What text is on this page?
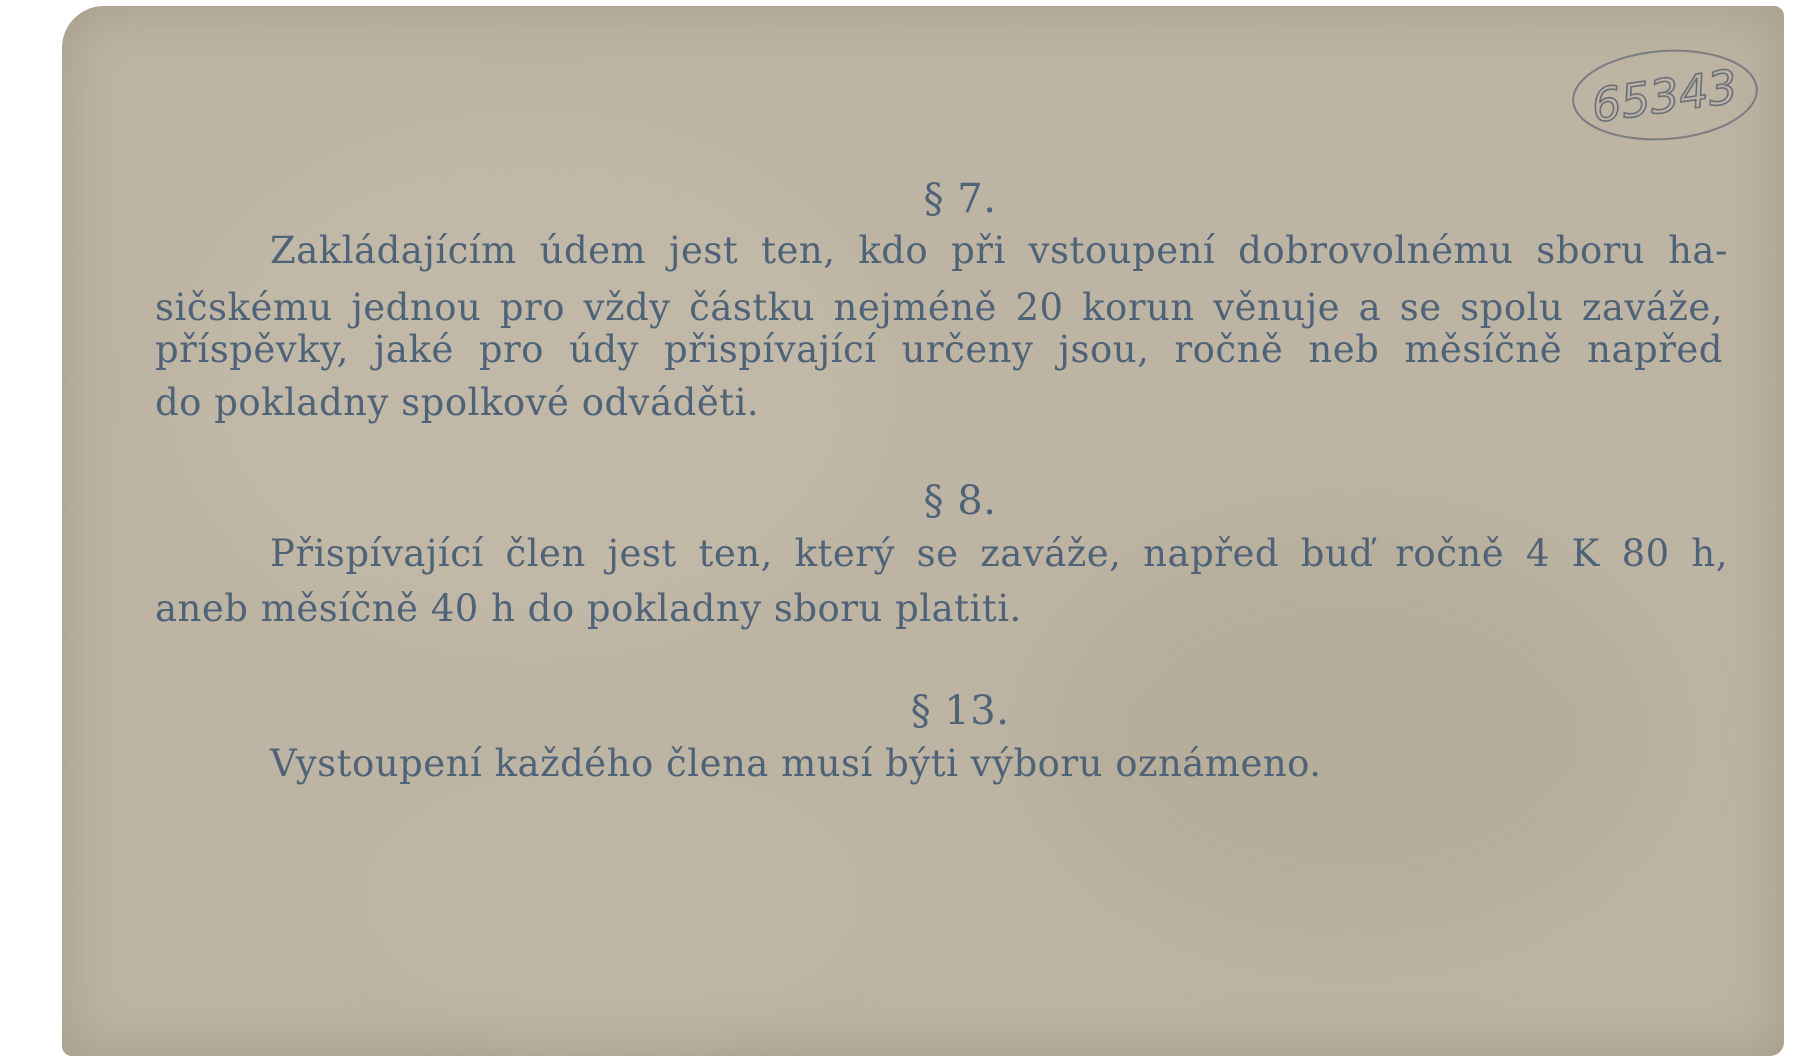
§ 7.
Zakládajícím údem jest ten, kdo při vstoupení dobrovolnému sboru ha-
sičskému jednou pro vždy částku nejméně 20 korun věnuje a se spolu zaváže,
příspěvky, jaké pro údy přispívající určeny jsou, ročně neb měsíčně napřed
do pokladny spolkové odváděti.
§ 8.
Přispívající člen jest ten, který se zaváže, napřed buď ročně 4 K 80 h,
aneb měsíčně 40 h do pokladny sboru platiti.
§ 13.
Vystoupení každého člena musí býti výboru oznámeno.
65343
